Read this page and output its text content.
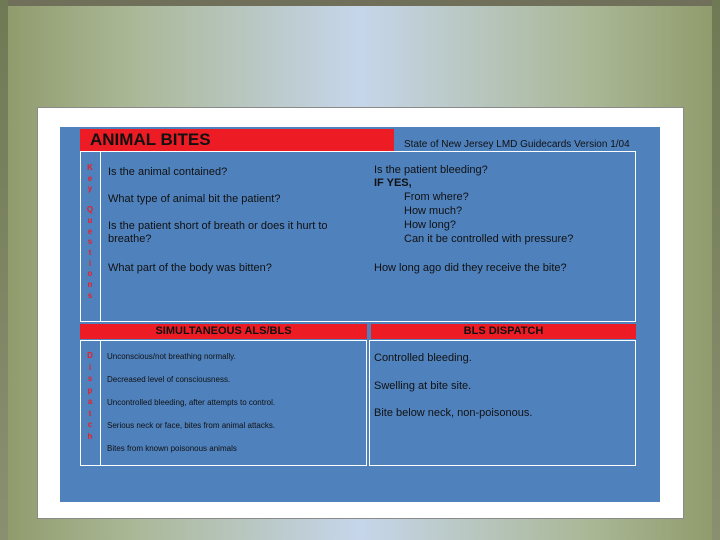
ANIMAL BITES	State of New Jersey LMD Guidecards Version 1/04
K
e
y
Q
u
e
s
t
i
o
n
s
Is the animal contained?
What type of animal bit the patient?
Is the patient short of breath or does it hurt to
breathe?
What part of the body was bitten?
Is the patient bleeding?
IF YES,
From where?
How much?
How long?
Can it be controlled with pressure?
How long ago did they receive the bite?
SIMULTANEOUS ALS/BLS	BLS DISPATCH
D
i
s
p
a
t
c
h
Unconscious/not breathing normally.
Decreased level of consciousness.
Uncontrolled bleeding, after attempts to control.
Serious neck or face, bites from animal attacks.
Bites from known poisonous animals
Controlled bleeding.
Swelling at bite site.
Bite below neck, non-poisonous.
